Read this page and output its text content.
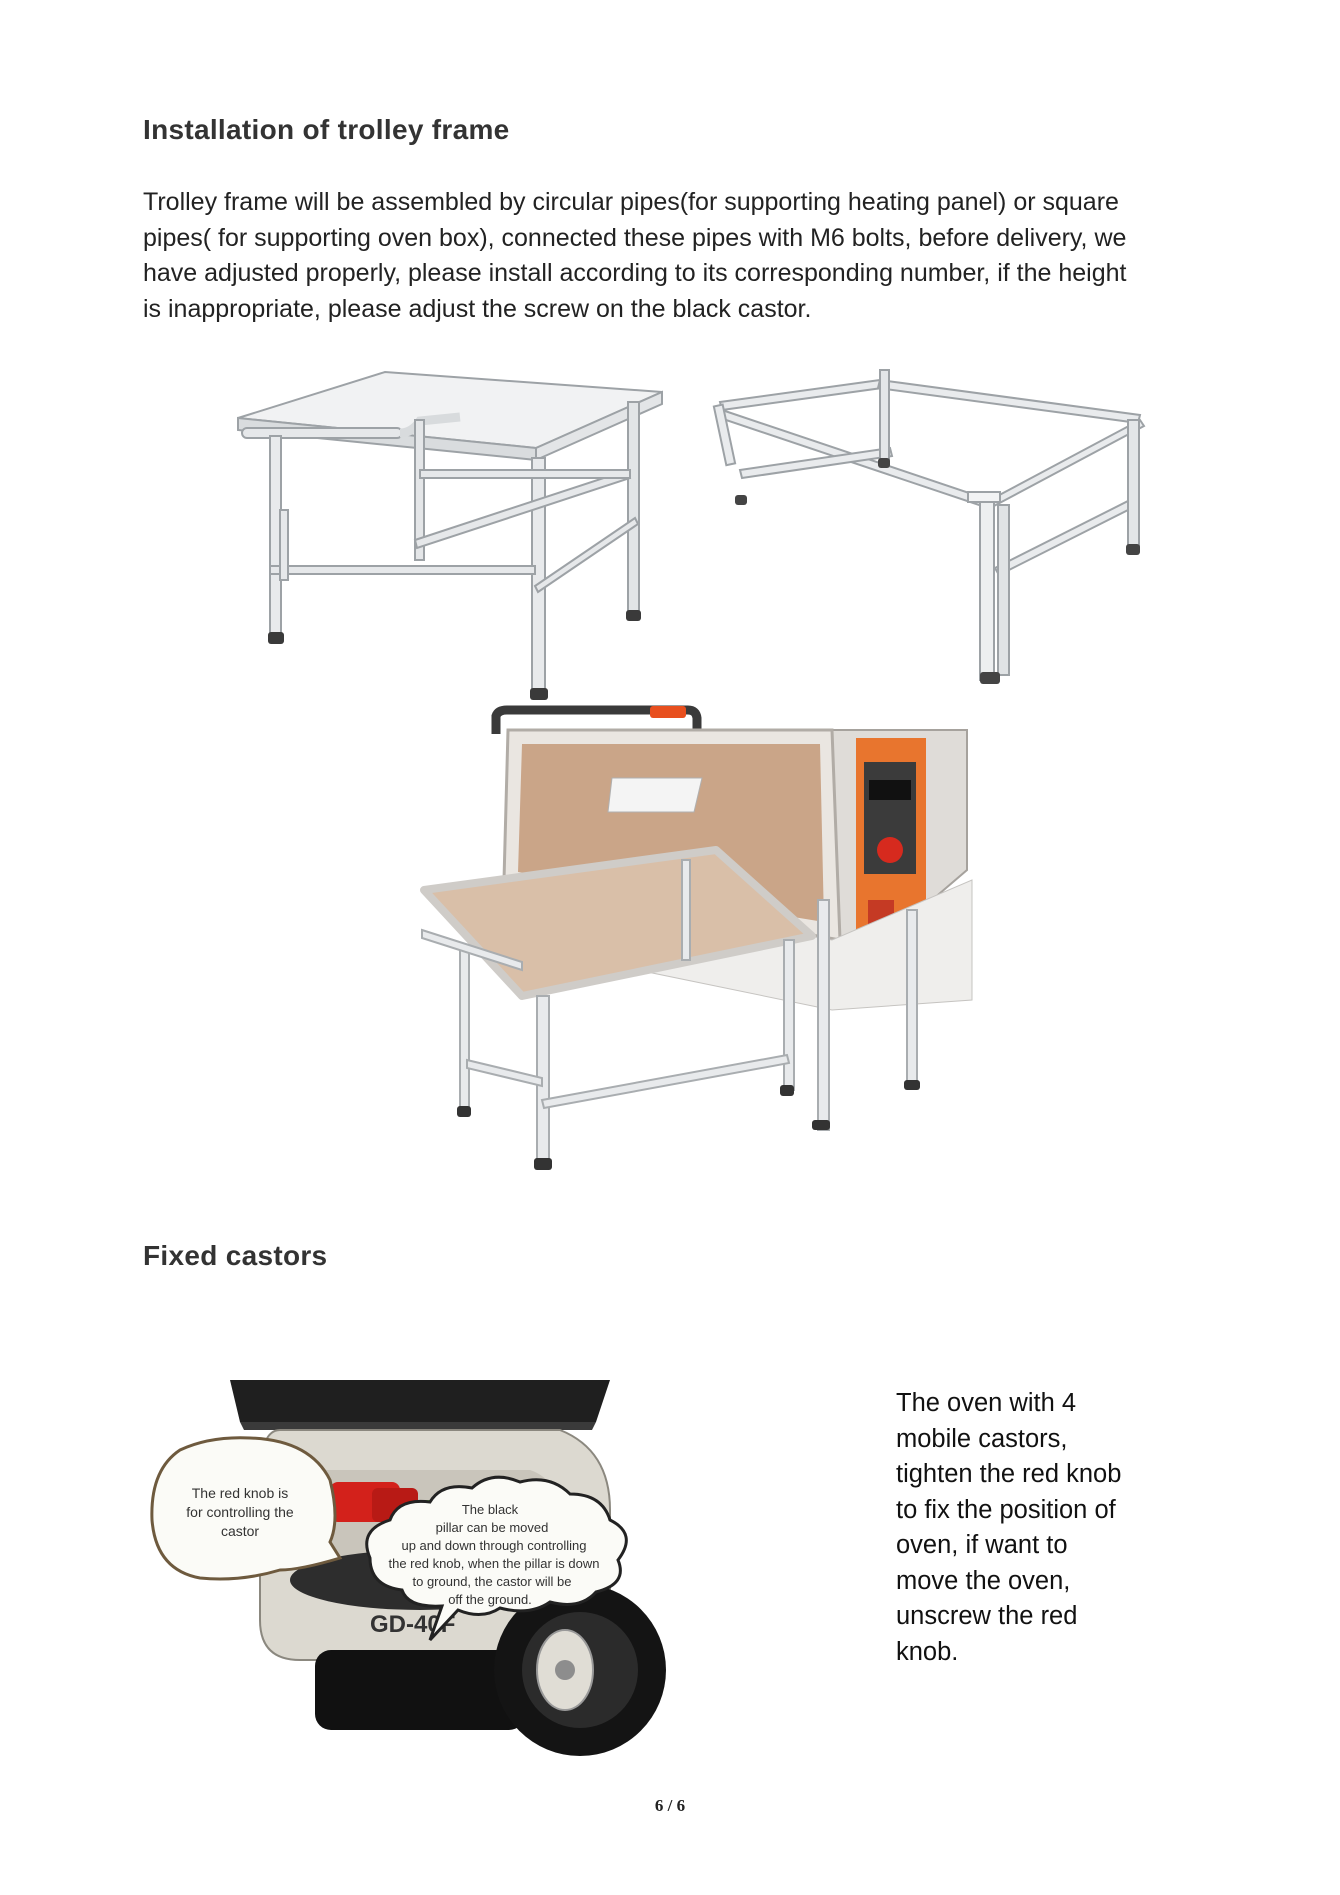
Installation of trolley frame

Trolley frame will be assembled by circular pipes(for supporting heating panel) or square
pipes( for supporting oven box), connected these pipes with M6 bolts, before delivery, we
have adjusted properly, please install according to its corresponding number, if the height
is inappropriate, please adjust the screw on the black castor.

Fixed castors
GD-40F
The red knob is
for controlling the
castor
The black
pillar can be moved
up and down through controlling
the red knob, when the pillar is down
to ground, the castor will be
off the ground.

The oven with 4
mobile castors,
tighten the red knob
to fix the position of
oven, if want to
move the oven,
unscrew the red
knob.

6 / 6
